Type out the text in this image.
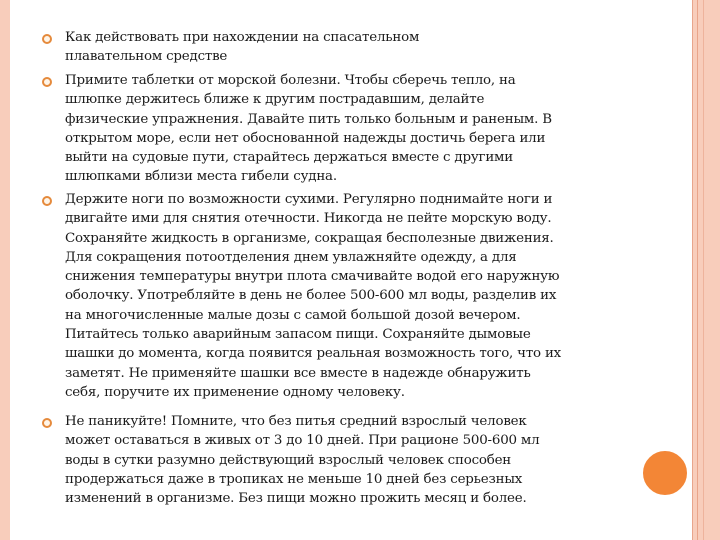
Как действовать при нахождении на спасательном
плавательном средстве
Примите таблетки от морской болезни. Чтобы сберечь тепло, на
шлюпке держитесь ближе к другим пострадавшим, делайте
физические упражнения. Давайте пить только больным и раненым. В
открытом море, если нет обоснованной надежды достичь берега или
выйти на судовые пути, старайтесь держаться вместе с другими
шлюпками вблизи места гибели судна.
Держите ноги по возможности сухими. Регулярно поднимайте ноги и
двигайте ими для снятия отечности. Никогда не пейте морскую воду.
Сохраняйте жидкость в организме, сокращая бесполезные движения.
Для сокращения потоотделения днем увлажняйте одежду, а для
снижения температуры внутри плота смачивайте водой его наружную
оболочку. Употребляйте в день не более 500-600 мл воды, разделив их
на многочисленные малые дозы с самой большой дозой вечером.
Питайтесь только аварийным запасом пищи. Сохраняйте дымовые
шашки до момента, когда появится реальная возможность того, что их
заметят. Не применяйте шашки все вместе в надежде обнаружить
себя, поручите их применение одному человеку.
Не паникуйте! Помните, что без питья средний взрослый человек
может оставаться в живых от 3 до 10 дней. При рационе 500-600 мл
воды в сутки разумно действующий взрослый человек способен
продержаться даже в тропиках не меньше 10 дней без серьезных
изменений в организме. Без пищи можно прожить месяц и более.
